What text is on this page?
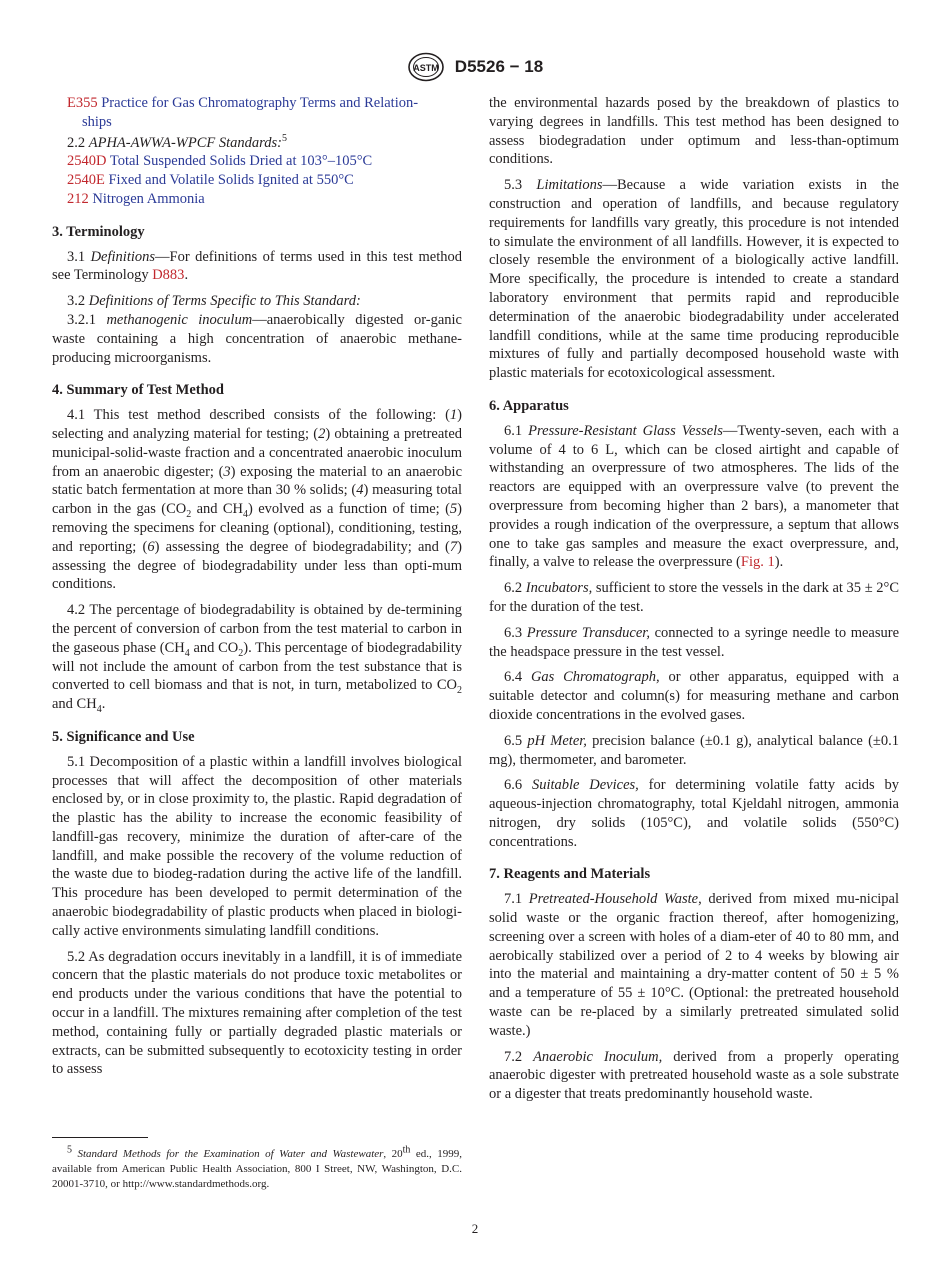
ASTM D5526 − 18
E355 Practice for Gas Chromatography Terms and Relation-
ships
2.2 APHA-AWWA-WPCF Standards:$^5$
2540D Total Suspended Solids Dried at 103°–105°C
2540E Fixed and Volatile Solids Ignited at 550°C
212 Nitrogen Ammonia
3. Terminology

3.1 Definitions—For definitions of terms used in this test method see Terminology D883.

3.2 Definitions of Terms Specific to This Standard:

3.2.1 methanogenic inoculum—anaerobically digested or-ganic waste containing a high concentration of anaerobic methane-producing microorganisms.

4. Summary of Test Method

4.1 This test method described consists of the following: (1) selecting and analyzing material for testing; (2) obtaining a pretreated municipal-solid-waste fraction and a concentrated anaerobic inoculum from an anaerobic digester; (3) exposing the material to an anaerobic static batch fermentation at more than 30 % solids; (4) measuring total carbon in the gas ($CO_2$ and $CH_4$) evolved as a function of time; (5) removing the specimens for cleaning (optional), conditioning, testing, and reporting; (6) assessing the degree of biodegradability; and (7) assessing the degree of biodegradability under less than opti-mum conditions.

4.2 The percentage of biodegradability is obtained by de-termining the percent of conversion of carbon from the test material to carbon in the gaseous phase ($CH_4$ and $CO_2$). This percentage of biodegradability will not include the amount of carbon from the test substance that is converted to cell biomass and that is not, in turn, metabolized to $CO_2$ and $CH_4$.

5. Significance and Use

5.1 Decomposition of a plastic within a landfill involves biological processes that will affect the decomposition of other materials enclosed by, or in close proximity to, the plastic. Rapid degradation of the plastic has the ability to increase the economic feasibility of landfill-gas recovery, minimize the duration of after-care of the landfill, and make possible the recovery of the volume reduction of the waste due to biodeg-radation during the active life of the landfill. This procedure has been developed to permit determination of the anaerobic biodegradability of plastic products when placed in biologi-cally active environments simulating landfill conditions.

5.2 As degradation occurs inevitably in a landfill, it is of immediate concern that the plastic materials do not produce toxic metabolites or end products under the various conditions that have the potential to occur in a landfill. The mixtures remaining after completion of the test method, containing fully or partially degraded plastic materials or extracts, can be submitted subsequently to ecotoxicity testing in order to assess

$^5$ Standard Methods for the Examination of Water and Wastewater, 20th ed., 1999, available from American Public Health Association, 800 I Street, NW, Washington, D.C. 20001-3710, or http://www.standardmethods.org.

the environmental hazards posed by the breakdown of plastics to varying degrees in landfills. This test method has been designed to assess biodegradation under optimum and less-than-optimum conditions.

5.3 Limitations—Because a wide variation exists in the construction and operation of landfills, and because regulatory requirements for landfills vary greatly, this procedure is not intended to simulate the environment of all landfills. However, it is expected to closely resemble the environment of a biologically active landfill. More specifically, the procedure is intended to create a standard laboratory environment that permits rapid and reproducible determination of the anaerobic biodegradability under accelerated landfill conditions, while at the same time producing reproducible mixtures of fully and partially decomposed household waste with plastic materials for ecotoxicological assessment.

6. Apparatus

6.1 Pressure-Resistant Glass Vessels—Twenty-seven, each with a volume of 4 to 6 L, which can be closed airtight and capable of withstanding an overpressure of two atmospheres. The lids of the reactors are equipped with an overpressure valve (to prevent the overpressure from becoming higher than 2 bars), a manometer that provides a rough indication of the overpressure, a septum that allows one to take gas samples and measure the exact overpressure, and, finally, a valve to release the overpressure (Fig. 1).

6.2 Incubators, sufficient to store the vessels in the dark at 35 ± 2°C for the duration of the test.

6.3 Pressure Transducer, connected to a syringe needle to measure the headspace pressure in the test vessel.

6.4 Gas Chromatograph, or other apparatus, equipped with a suitable detector and column(s) for measuring methane and carbon dioxide concentrations in the evolved gases.

6.5 pH Meter, precision balance (±0.1 g), analytical balance (±0.1 mg), thermometer, and barometer.

6.6 Suitable Devices, for determining volatile fatty acids by aqueous-injection chromatography, total Kjeldahl nitrogen, ammonia nitrogen, dry solids (105°C), and volatile solids (550°C) concentrations.

7. Reagents and Materials

7.1 Pretreated-Household Waste, derived from mixed mu-nicipal solid waste or the organic fraction thereof, after homogenizing, screening over a screen with holes of a diam-eter of 40 to 80 mm, and aerobically stabilized over a period of 2 to 4 weeks by blowing air into the material and maintaining a dry-matter content of 50 ± 5 % and a temperature of 55 ± 10°C. (Optional: the pretreated household waste can be re-placed by a similarly pretreated simulated solid waste.)

7.2 Anaerobic Inoculum, derived from a properly operating anaerobic digester with pretreated household waste as a sole substrate or a digester that treats predominantly household waste.

2
